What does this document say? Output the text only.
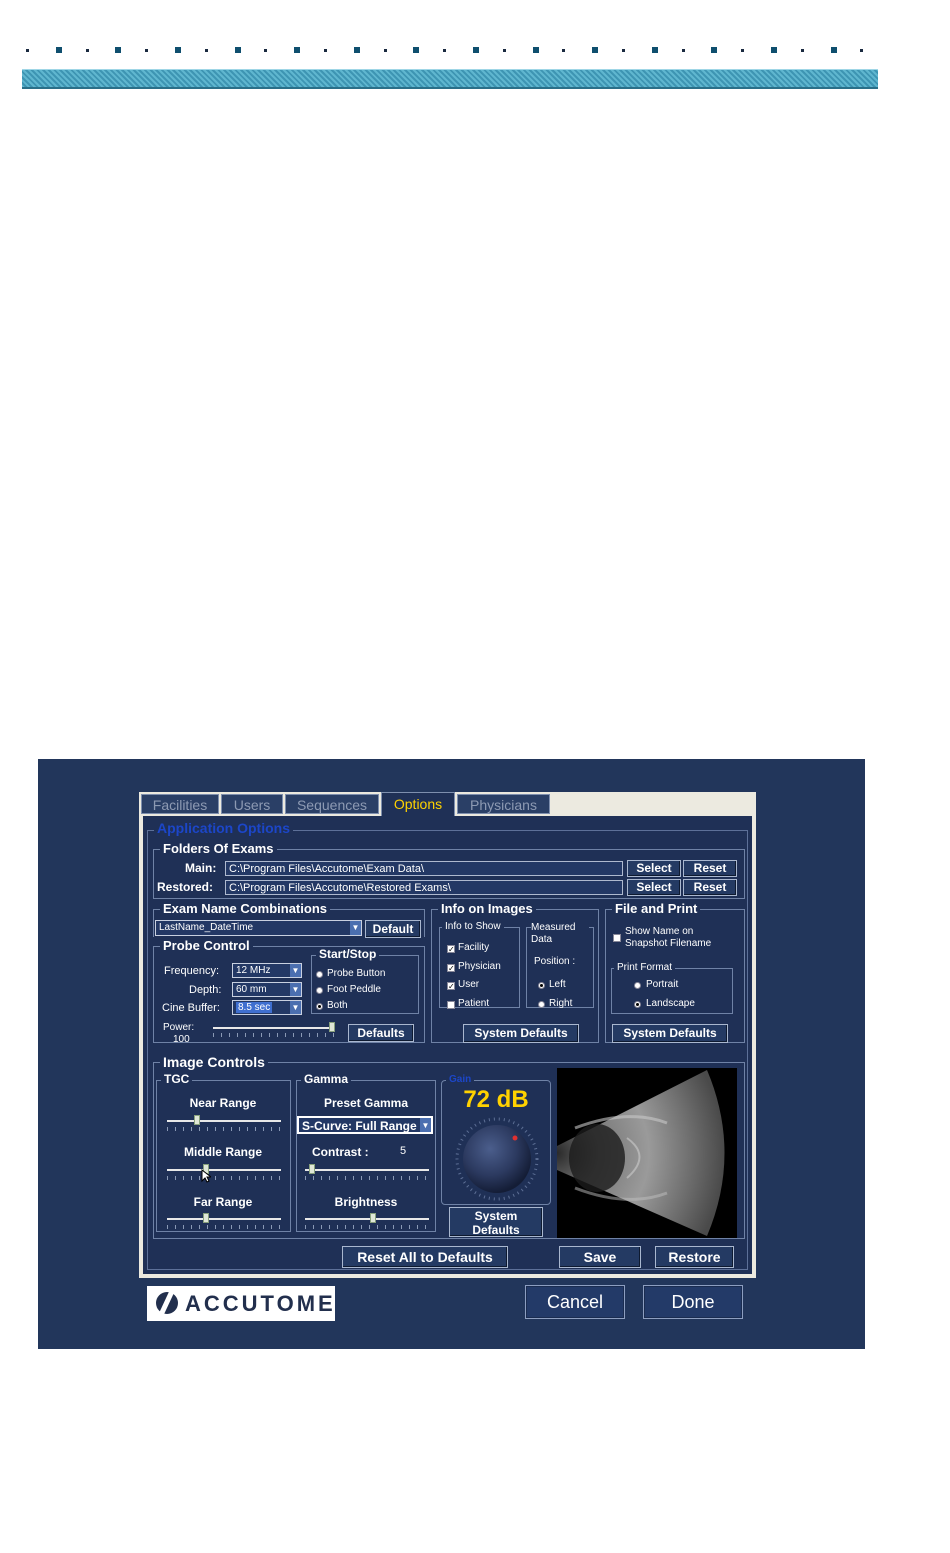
Facilities	Users	Sequences	Options	Physicians
Application Options
Folders Of Exams
Main:	C:\Program Files\Accutome\Exam Data\	Select	Reset
Restored:	C:\Program Files\Accutome\Restored Exams\	Select	Reset
Exam Name Combinations
LastName_DateTime	▼	Default
Probe Control
Frequency:	12 MHz	▼
Depth:	60 mm	▼
Cine Buffer:	8.5 sec	▼
Power:
100
Start/Stop
Probe Button
Foot Peddle
Both
Defaults
Info on Images
Info to Show
✓ Facility
✓ Physician
✓ User
Patient
Measured Data
Position :
Left
Right
System Defaults
File and Print
Show Name on Snapshot Filename
Print Format
Portrait
Landscape
System Defaults
Image Controls
TGC
Near Range
Middle Range
Far Range
Gamma
Preset Gamma
S-Curve: Full Range ▼
Contrast :	5
Brightness
Gain
72 dB
System
Defaults
Reset All to Defaults	Save	Restore
ACCUTOME	Cancel	Done
